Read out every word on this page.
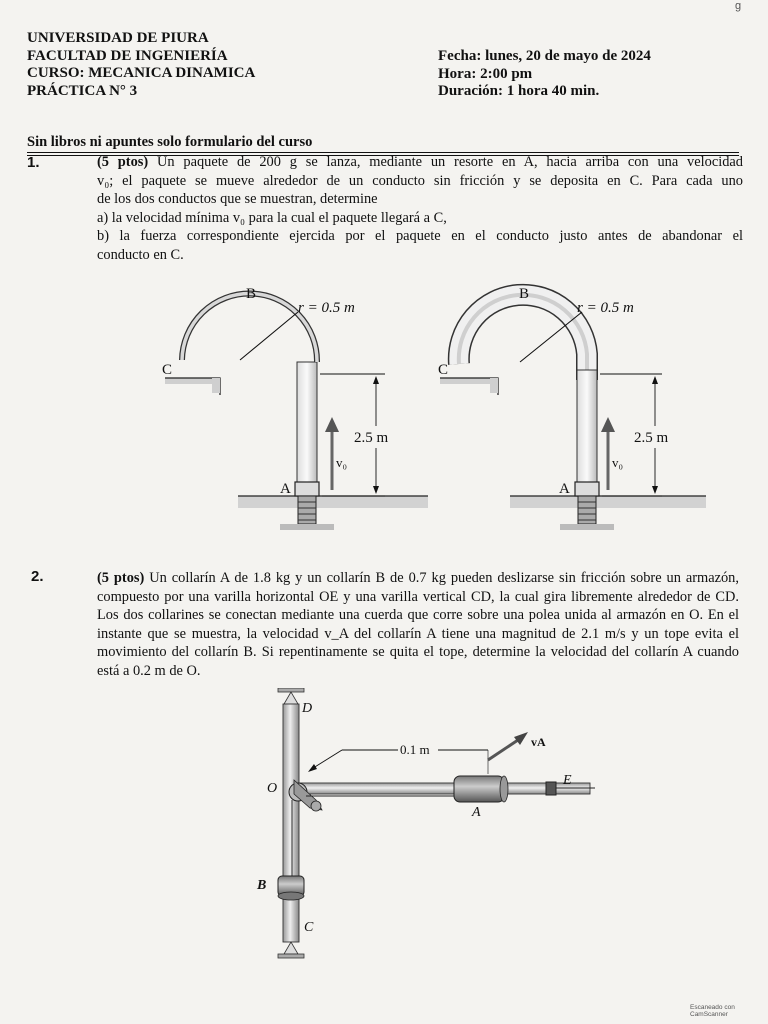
g
UNIVERSIDAD DE PIURA
FACULTAD DE INGENIERÍA
CURSO: MECANICA DINAMICA
PRÁCTICA N° 3
Fecha: lunes, 20 de mayo de 2024
Hora: 2:00 pm
Duración: 1 hora 40 min.
Sin libros ni apuntes solo formulario del curso
1.	(5 ptos) Un paquete de 200 g se lanza, mediante un resorte en A, hacia arriba con una velocidad
v₀; el paquete se mueve alrededor de un conducto sin fricción y se deposita en C. Para cada uno
de los dos conductos que se muestran, determine
a) la velocidad mínima v₀ para la cual el paquete llegará a C,
b) la fuerza correspondiente ejercida por el paquete en el conducto justo antes de abandonar el
conducto en C.
B
C
A
r = 0.5 m
2.5 m
v₀
B
C
A
r = 0.5 m
2.5 m
v₀
2.	(5 ptos) Un collarín A de 1.8 kg y un collarín B de 0.7 kg pueden deslizarse sin fricción sobre un armazón, compuesto por una varilla horizontal OE y una varilla vertical CD, la cual gira libremente alrededor de CD. Los dos collarines se conectan mediante una cuerda que corre sobre una polea unida al armazón en O. En el instante que se muestra, la velocidad v_A del collarín A tiene una magnitud de 2.1 m/s y un tope evita el movimiento del collarín B. Si repentinamente se quita el tope, determine la velocidad del collarín A cuando está a 0.2 m de O.
0.1 m	vA
D
O
E
A
B
C
Escaneado con CamScanner
